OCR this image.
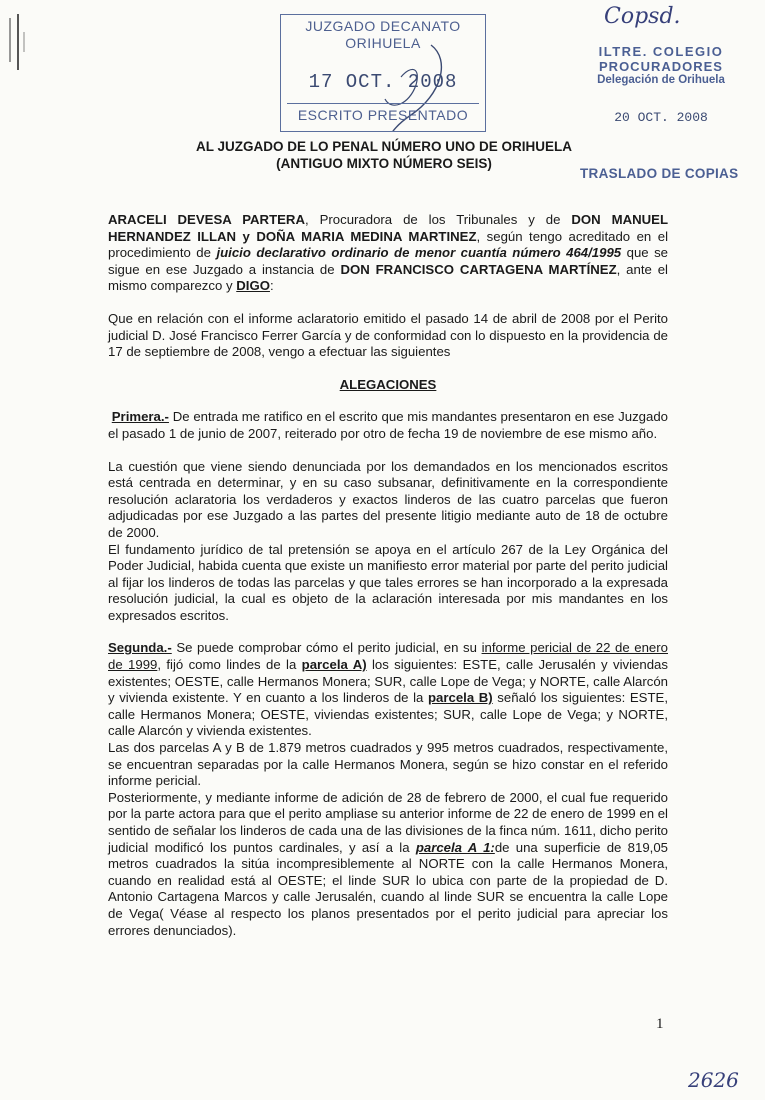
JUZGADO DECANATO
ORIHUELA
17 OCT. 2008
ESCRITO PRESENTADO
Copsd.
ILTRE. COLEGIO
PROCURADORES
Delegación de Orihuela
20 OCT. 2008
TRASLADO DE COPIAS
AL JUZGADO DE LO PENAL NÚMERO UNO DE ORIHUELA
(ANTIGUO MIXTO NÚMERO SEIS)

ARACELI DEVESA PARTERA, Procuradora de los Tribunales y de DON MANUEL HERNANDEZ ILLAN y DOÑA MARIA MEDINA MARTINEZ, según tengo acreditado en el procedimiento de juicio declarativo ordinario de menor cuantía número 464/1995 que se sigue en ese Juzgado a instancia de DON FRANCISCO CARTAGENA MARTÍNEZ, ante el mismo comparezco y DIGO:

Que en relación con el informe aclaratorio emitido el pasado 14 de abril de 2008 por el Perito judicial D. José Francisco Ferrer García y de conformidad con lo dispuesto en la providencia de 17 de septiembre de 2008, vengo a efectuar las siguientes

ALEGACIONES

Primera.- De entrada me ratifico en el escrito que mis mandantes presentaron en ese Juzgado el pasado 1 de junio de 2007, reiterado por otro de fecha 19 de noviembre de ese mismo año.

La cuestión que viene siendo denunciada por los demandados en los mencionados escritos está centrada en determinar, y en su caso subsanar, definitivamente en la correspondiente resolución aclaratoria los verdaderos y exactos linderos de las cuatro parcelas que fueron adjudicadas por ese Juzgado a las partes del presente litigio mediante auto de 18 de octubre de 2000.

El fundamento jurídico de tal pretensión se apoya en el artículo 267 de la Ley Orgánica del Poder Judicial, habida cuenta que existe un manifiesto error material por parte del perito judicial al fijar los linderos de todas las parcelas y que tales errores se han incorporado a la expresada resolución judicial, la cual es objeto de la aclaración interesada por mis mandantes en los expresados escritos.

Segunda.- Se puede comprobar cómo el perito judicial, en su informe pericial de 22 de enero de 1999, fijó como lindes de la parcela A) los siguientes: ESTE, calle Jerusalén y viviendas existentes; OESTE, calle Hermanos Monera; SUR, calle Lope de Vega; y NORTE, calle Alarcón y vivienda existente. Y en cuanto a los linderos de la parcela B) señaló los siguientes: ESTE, calle Hermanos Monera; OESTE, viviendas existentes; SUR, calle Lope de Vega; y NORTE, calle Alarcón y vivienda existentes.

Las dos parcelas A y B de 1.879 metros cuadrados y 995 metros cuadrados, respectivamente, se encuentran separadas por la calle Hermanos Monera, según se hizo constar en el referido informe pericial.

Posteriormente, y mediante informe de adición de 28 de febrero de 2000, el cual fue requerido por la parte actora para que el perito ampliase su anterior informe de 22 de enero de 1999 en el sentido de señalar los linderos de cada una de las divisiones de la finca núm. 1611, dicho perito judicial modificó los puntos cardinales, y así a la parcela A 1:de una superficie de 819,05 metros cuadrados la sitúa incompresiblemente al NORTE con la calle Hermanos Monera, cuando en realidad está al OESTE; el linde SUR lo ubica con parte de la propiedad de D. Antonio Cartagena Marcos y calle Jerusalén, cuando al linde SUR se encuentra la calle Lope de Vega( Véase al respecto los planos presentados por el perito judicial para apreciar los errores denunciados).

1
2626
